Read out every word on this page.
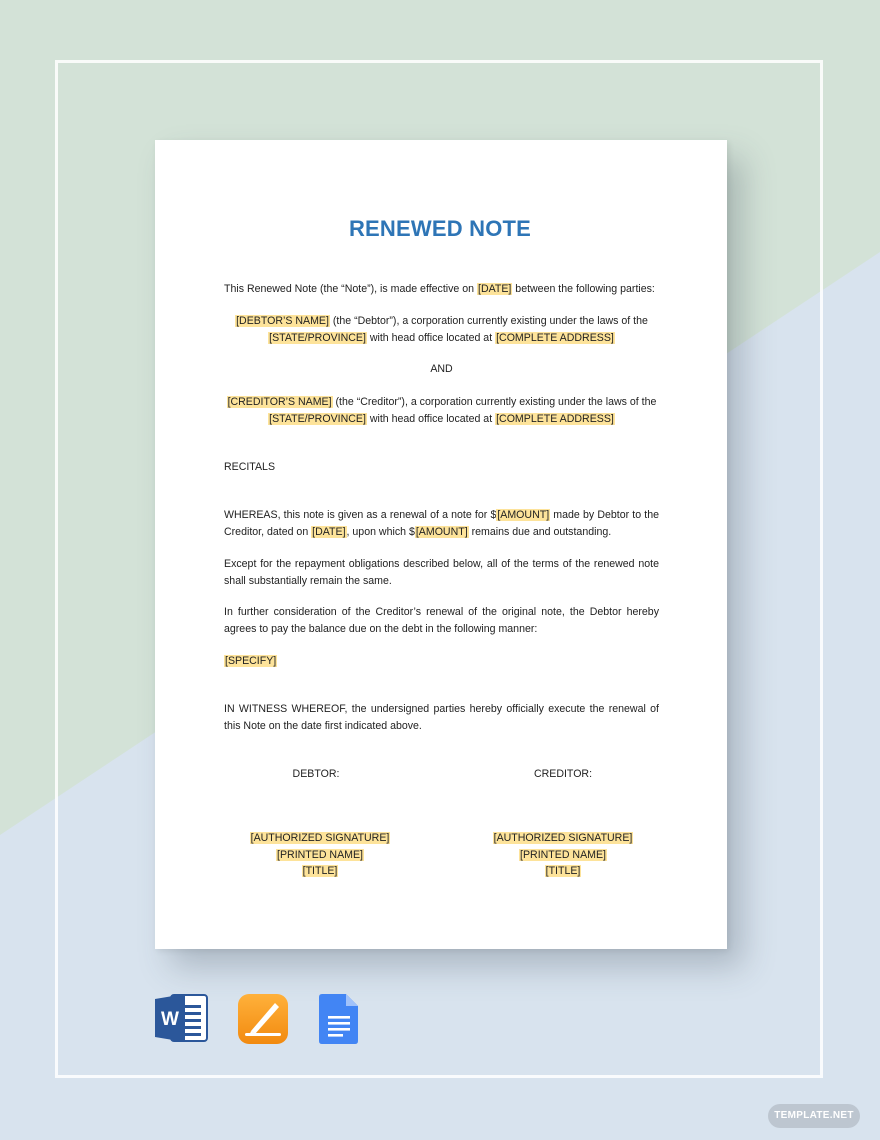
RENEWED NOTE

This Renewed Note (the “Note”), is made effective on [DATE] between the following parties:

[DEBTOR’S NAME] (the “Debtor”), a corporation currently existing under the laws of the
[STATE/PROVINCE] with head office located at [COMPLETE ADDRESS]

AND

[CREDITOR’S NAME] (the “Creditor”), a corporation currently existing under the laws of the
[STATE/PROVINCE] with head office located at [COMPLETE ADDRESS]

RECITALS

WHEREAS, this note is given as a renewal of a note for $[AMOUNT] made by Debtor to the Creditor, dated on [DATE], upon which $[AMOUNT] remains due and outstanding.

Except for the repayment obligations described below, all of the terms of the renewed note shall substantially remain the same.

In further consideration of the Creditor’s renewal of the original note, the Debtor hereby agrees to pay the balance due on the debt in the following manner:

[SPECIFY]

IN WITNESS WHEREOF, the undersigned parties hereby officially execute the renewal of this Note on the date first indicated above.

DEBTOR:
[AUTHORIZED SIGNATURE]
[PRINTED NAME]
[TITLE]
CREDITOR:
[AUTHORIZED SIGNATURE]
[PRINTED NAME]
[TITLE]
W
TEMPLATE.NET
